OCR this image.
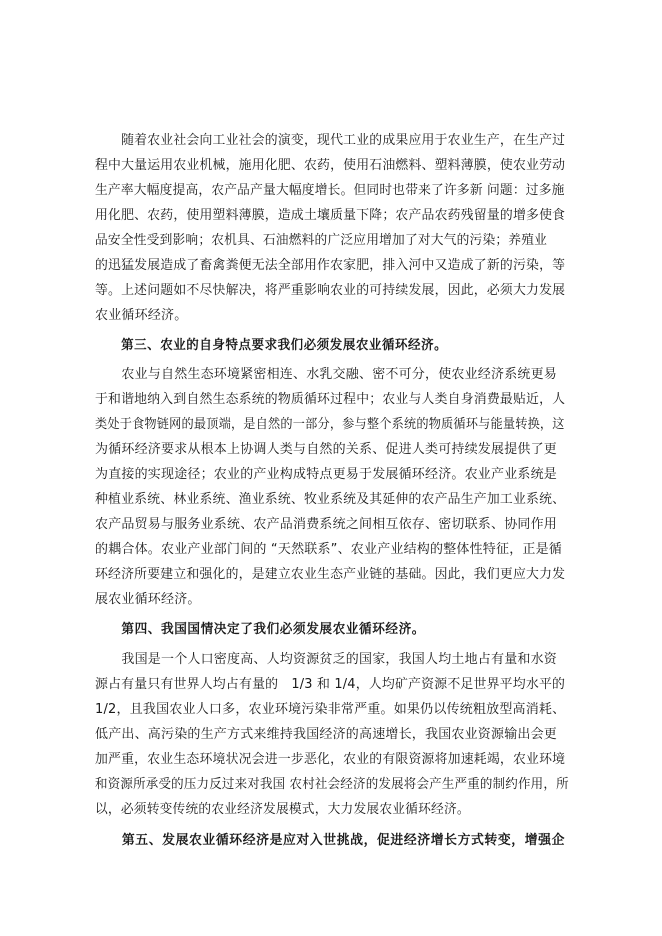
　　随着农业社会向工业社会的演变，现代工业的成果应用于农业生产，在生产过
程中大量运用农业机械，施用化肥、农药，使用石油燃料、塑料薄膜，使农业劳动
生产率大幅度提高，农产品产量大幅度增长。但同时也带来了许多新 问题：过多施
用化肥、农药，使用塑料薄膜，造成土壤质量下降；农产品农药残留量的增多使食
品安全性受到影响；农机具、石油燃料的广泛应用增加了对大气的污染；养殖业
的迅猛发展造成了畜禽粪便无法全部用作农家肥，排入河中又造成了新的污染，等
等。上述问题如不尽快解决，将严重影响农业的可持续发展，因此，必须大力发展
农业循环经济。
　　第三、农业的自身特点要求我们必须发展农业循环经济。
　　农业与自然生态环境紧密相连、水乳交融、密不可分，使农业经济系统更易
于和谐地纳入到自然生态系统的物质循环过程中；农业与人类自身消费最贴近，人
类处于食物链网的最顶端，是自然的一部分，参与整个系统的物质循环与能量转换，这
为循环经济要求从根本上协调人类与自然的关系、促进人类可持续发展提供了更
为直接的实现途径；农业的产业构成特点更易于发展循环经济。农业产业系统是
种植业系统、林业系统、渔业系统、牧业系统及其延伸的农产品生产加工业系统、
农产品贸易与服务业系统、农产品消费系统之间相互依存、密切联系、协同作用
的耦合体。农业产业部门间的 “天然联系”、农业产业结构的整体性特征，正是循
环经济所要建立和强化的，是建立农业生态产业链的基础。因此，我们更应大力发
展农业循环经济。
　　第四、我国国情决定了我们必须发展农业循环经济。
　　我国是一个人口密度高、人均资源贫乏的国家，我国人均土地占有量和水资
源占有量只有世界人均占有量的　1/3 和 1/4，人均矿产资源不足世界平均水平的
1/2，且我国农业人口多，农业环境污染非常严重。如果仍以传统粗放型高消耗、
低产出、高污染的生产方式来维持我国经济的高速增长，我国农业资源输出会更
加严重，农业生态环境状况会进一步恶化，农业的有限资源将加速耗竭，农业环境
和资源所承受的压力反过来对我国 农村社会经济的发展将会产生严重的制约作用，所
以，必须转变传统的农业经济发展模式，大力发展农业循环经济。
　　第五、发展农业循环经济是应对入世挑战，促进经济增长方式转变，增强企
